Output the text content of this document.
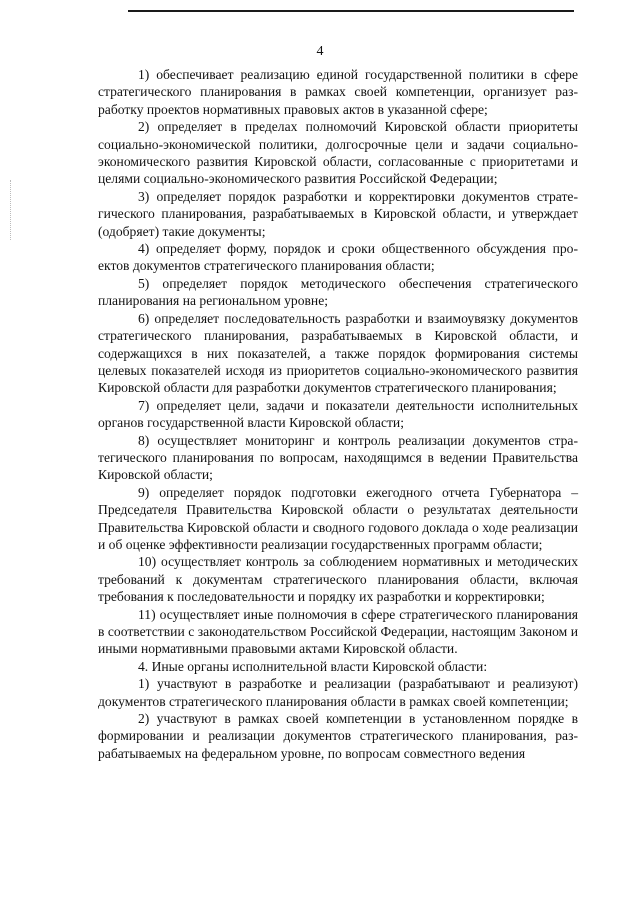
4

1) обеспечивает реализацию единой государственной политики в сфере стратегического планирования в рамках своей компетенции, организует разработку проектов нормативных правовых актов в указанной сфере;

2) определяет в пределах полномочий Кировской области приоритеты социально-экономической политики, долгосрочные цели и задачи социально-экономического развития Кировской области, согласованные с приоритетами и целями социально-экономического развития Российской Федерации;

3) определяет порядок разработки и корректировки документов стратегического планирования, разрабатываемых в Кировской области, и утверждает (одобряет) такие документы;

4) определяет форму, порядок и сроки общественного обсуждения проектов документов стратегического планирования области;

5) определяет порядок методического обеспечения стратегического планирования на региональном уровне;

6) определяет последовательность разработки и взаимоувязку документов стратегического планирования, разрабатываемых в Кировской области, и содержащихся в них показателей, а также порядок формирования системы целевых показателей исходя из приоритетов социально-экономического развития Кировской области для разработки документов стратегического планирования;

7) определяет цели, задачи и показатели деятельности исполнительных органов государственной власти Кировской области;

8) осуществляет мониторинг и контроль реализации документов стратегического планирования по вопросам, находящимся в ведении Правительства Кировской области;

9) определяет порядок подготовки ежегодного отчета Губернатора – Председателя Правительства Кировской области о результатах деятельности Правительства Кировской области и сводного годового доклада о ходе реализации и об оценке эффективности реализации государственных программ области;

10) осуществляет контроль за соблюдением нормативных и методических требований к документам стратегического планирования области, включая требования к последовательности и порядку их разработки и корректировки;

11) осуществляет иные полномочия в сфере стратегического планирования в соответствии с законодательством Российской Федерации, настоящим Законом и иными нормативными правовыми актами Кировской области.

4. Иные органы исполнительной власти Кировской области:

1) участвуют в разработке и реализации (разрабатывают и реализуют) документов стратегического планирования области в рамках своей компетенции;

2) участвуют в рамках своей компетенции в установленном порядке в формировании и реализации документов стратегического планирования, разрабатываемых на федеральном уровне, по вопросам совместного ведения
